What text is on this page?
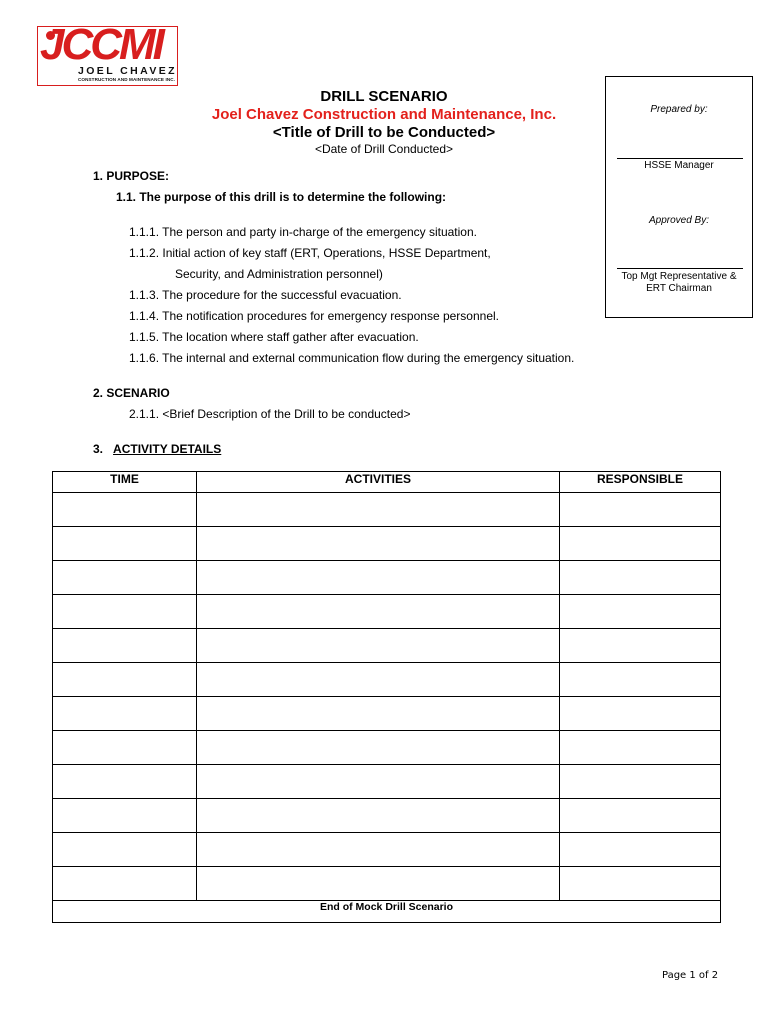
JCCMI
JOEL CHAVEZ
CONSTRUCTION AND MAINTENANCE INC.
DRILL SCENARIO
Joel Chavez Construction and Maintenance, Inc.
<Title of Drill to be Conducted>
<Date of Drill Conducted>
Prepared by:
HSSE Manager
Approved By:
Top Mgt Representative &
ERT Chairman
1. PURPOSE:
1.1. The purpose of this drill is to determine the following:
1.1.1. The person and party in-charge of the emergency situation.
1.1.2. Initial action of key staff (ERT, Operations, HSSE Department,
Security, and Administration personnel)
1.1.3. The procedure for the successful evacuation.
1.1.4. The notification procedures for emergency response personnel.
1.1.5. The location where staff gather after evacuation.
1.1.6. The internal and external communication flow during the emergency situation.
2. SCENARIO
2.1.1. <Brief Description of the Drill to be conducted>
3. ACTIVITY DETAILS
TIME	ACTIVITIES	RESPONSIBLE

End of Mock Drill Scenario		
Page 1 of 2
